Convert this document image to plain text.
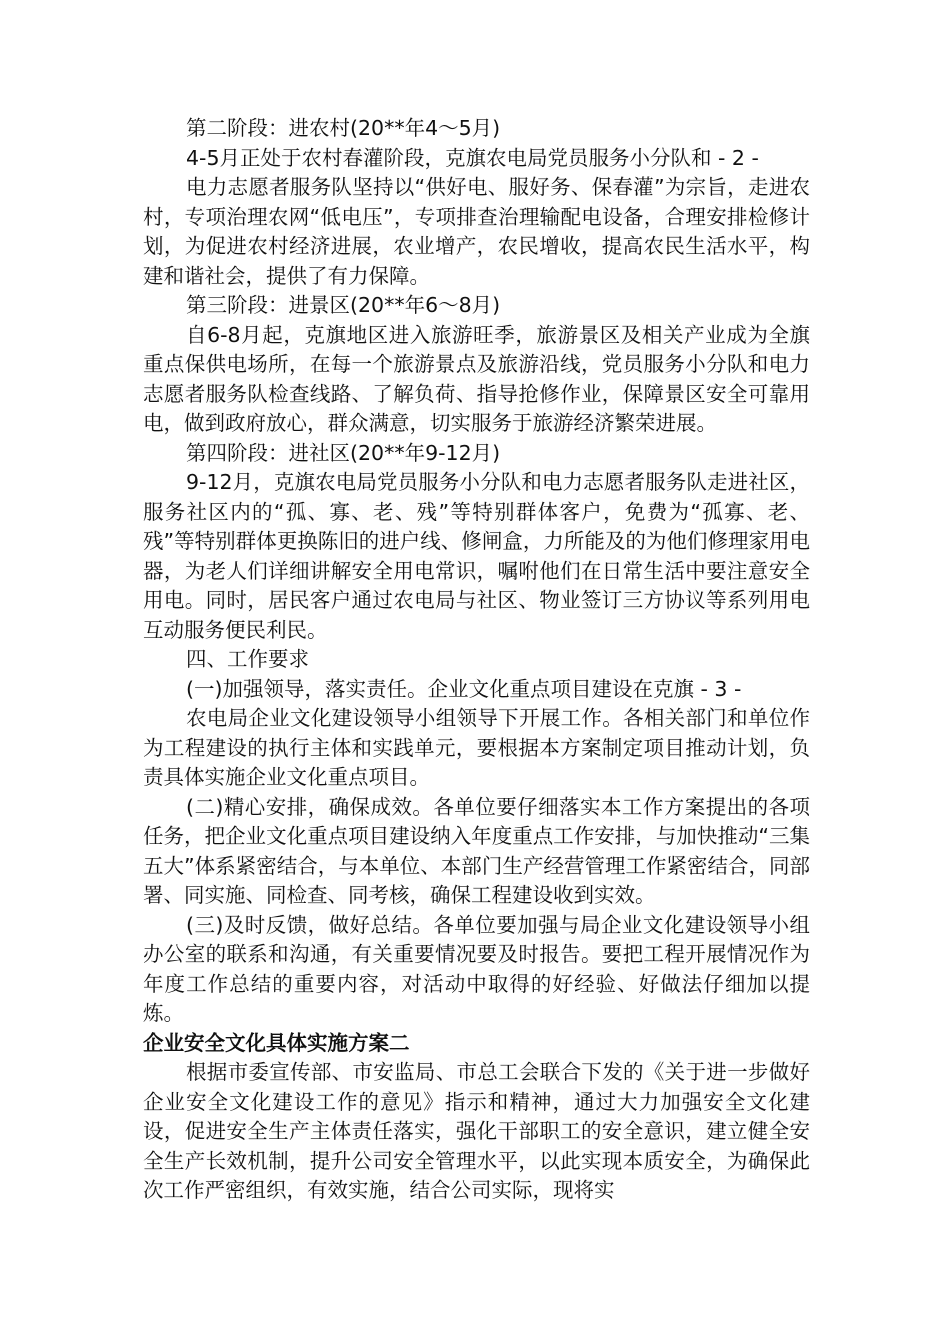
第二阶段：进农村(20**年4～5月)

4-5月正处于农村春灌阶段，克旗农电局党员服务小分队和 - 2 -

电力志愿者服务队坚持以“供好电、服好务、保春灌”为宗旨，走进农村，专项治理农网“低电压”，专项排查治理输配电设备，合理安排检修计划，为促进农村经济进展，农业增产，农民增收，提高农民生活水平，构建和谐社会，提供了有力保障。

第三阶段：进景区(20**年6～8月)

自6-8月起，克旗地区进入旅游旺季，旅游景区及相关产业成为全旗重点保供电场所，在每一个旅游景点及旅游沿线，党员服务小分队和电力志愿者服务队检查线路、了解负荷、指导抢修作业，保障景区安全可靠用电，做到政府放心，群众满意，切实服务于旅游经济繁荣进展。

第四阶段：进社区(20**年9-12月)

9-12月，克旗农电局党员服务小分队和电力志愿者服务队走进社区，服务社区内的“孤、寡、老、残”等特别群体客户，免费为“孤寡、老、残”等特别群体更换陈旧的进户线、修闸盒，力所能及的为他们修理家用电器，为老人们详细讲解安全用电常识，嘱咐他们在日常生活中要注意安全用电。同时，居民客户通过农电局与社区、物业签订三方协议等系列用电互动服务便民利民。

四、工作要求

(一)加强领导，落实责任。企业文化重点项目建设在克旗 - 3 -

农电局企业文化建设领导小组领导下开展工作。各相关部门和单位作为工程建设的执行主体和实践单元，要根据本方案制定项目推动计划，负责具体实施企业文化重点项目。

(二)精心安排，确保成效。各单位要仔细落实本工作方案提出的各项任务，把企业文化重点项目建设纳入年度重点工作安排，与加快推动“三集五大”体系紧密结合，与本单位、本部门生产经营管理工作紧密结合，同部署、同实施、同检查、同考核，确保工程建设收到实效。

(三)及时反馈，做好总结。各单位要加强与局企业文化建设领导小组办公室的联系和沟通，有关重要情况要及时报告。要把工程开展情况作为年度工作总结的重要内容，对活动中取得的好经验、好做法仔细加以提炼。

企业安全文化具体实施方案二

根据市委宣传部、市安监局、市总工会联合下发的《关于进一步做好企业安全文化建设工作的意见》指示和精神，通过大力加强安全文化建设，促进安全生产主体责任落实，强化干部职工的安全意识，建立健全安全生产长效机制，提升公司安全管理水平，以此实现本质安全，为确保此次工作严密组织，有效实施，结合公司实际，现将实
